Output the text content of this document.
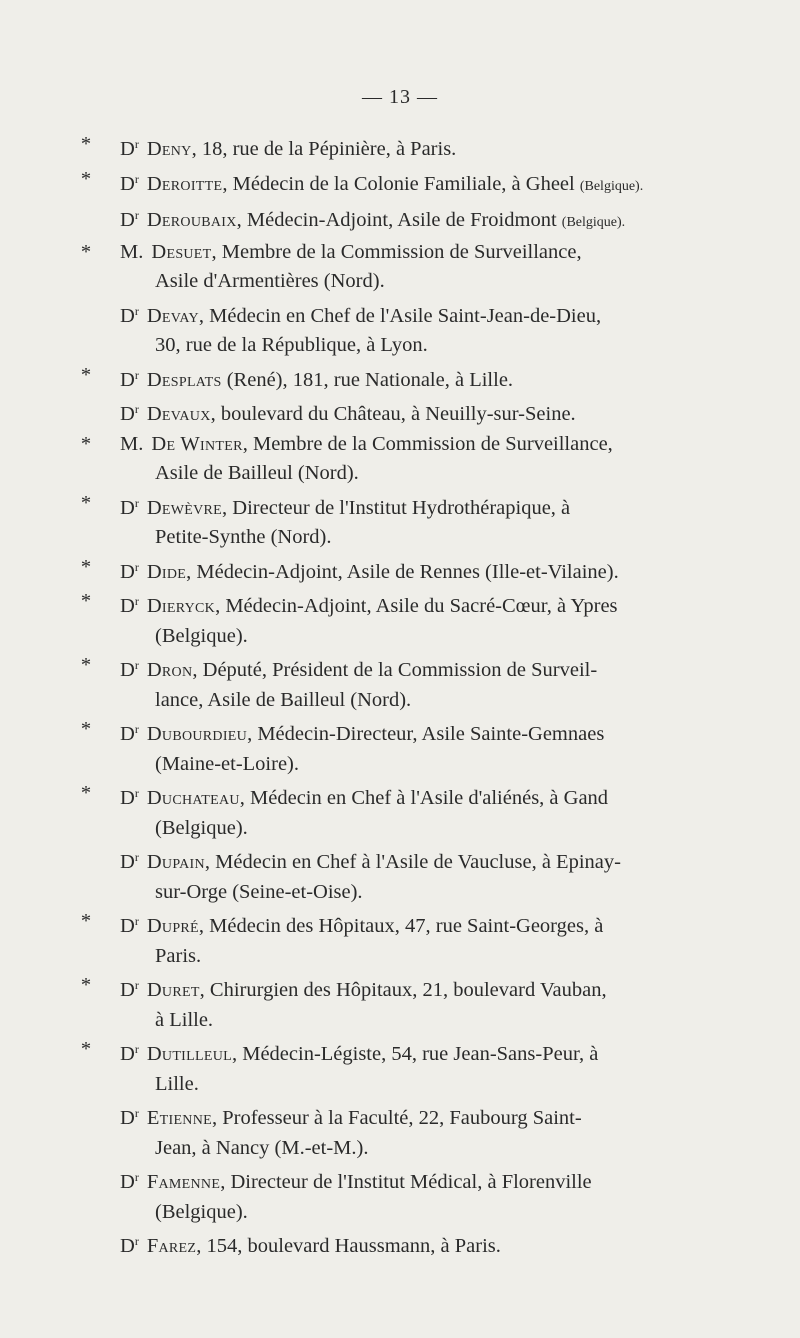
— 13 —
* $D^r$ Deny, 18, rue de la Pépinière, à Paris.
* $D^r$ Deroitte, Médecin de la Colonie Familiale, à Gheel (Belgique).
$D^r$ Deroubaix, Médecin-Adjoint, Asile de Froidmont (Belgique).
* M. Desuet, Membre de la Commission de Surveillance,
Asile d'Armentières (Nord).
$D^r$ Devay, Médecin en Chef de l'Asile Saint-Jean-de-Dieu,
30, rue de la République, à Lyon.
* $D^r$ Desplats (René), 181, rue Nationale, à Lille.
$D^r$ Devaux, boulevard du Château, à Neuilly-sur-Seine.
* M. De Winter, Membre de la Commission de Surveillance,
Asile de Bailleul (Nord).
* $D^r$ Dewèvre, Directeur de l'Institut Hydrothérapique, à
Petite-Synthe (Nord).
* $D^r$ Dide, Médecin-Adjoint, Asile de Rennes (Ille-et-Vilaine).
* $D^r$ Dieryck, Médecin-Adjoint, Asile du Sacré-Cœur, à Ypres
(Belgique).
* $D^r$ Dron, Député, Président de la Commission de Surveil-
lance, Asile de Bailleul (Nord).
* $D^r$ Dubourdieu, Médecin-Directeur, Asile Sainte-Gemnaes
(Maine-et-Loire).
* $D^r$ Duchateau, Médecin en Chef à l'Asile d'aliénés, à Gand
(Belgique).
$D^r$ Dupain, Médecin en Chef à l'Asile de Vaucluse, à Epinay-
sur-Orge (Seine-et-Oise).
* $D^r$ Dupré, Médecin des Hôpitaux, 47, rue Saint-Georges, à
Paris.
* $D^r$ Duret, Chirurgien des Hôpitaux, 21, boulevard Vauban,
à Lille.
* $D^r$ Dutilleul, Médecin-Légiste, 54, rue Jean-Sans-Peur, à
Lille.
$D^r$ Etienne, Professeur à la Faculté, 22, Faubourg Saint-
Jean, à Nancy (M.-et-M.).
$D^r$ Famenne, Directeur de l'Institut Médical, à Florenville
(Belgique).
$D^r$ Farez, 154, boulevard Haussmann, à Paris.
